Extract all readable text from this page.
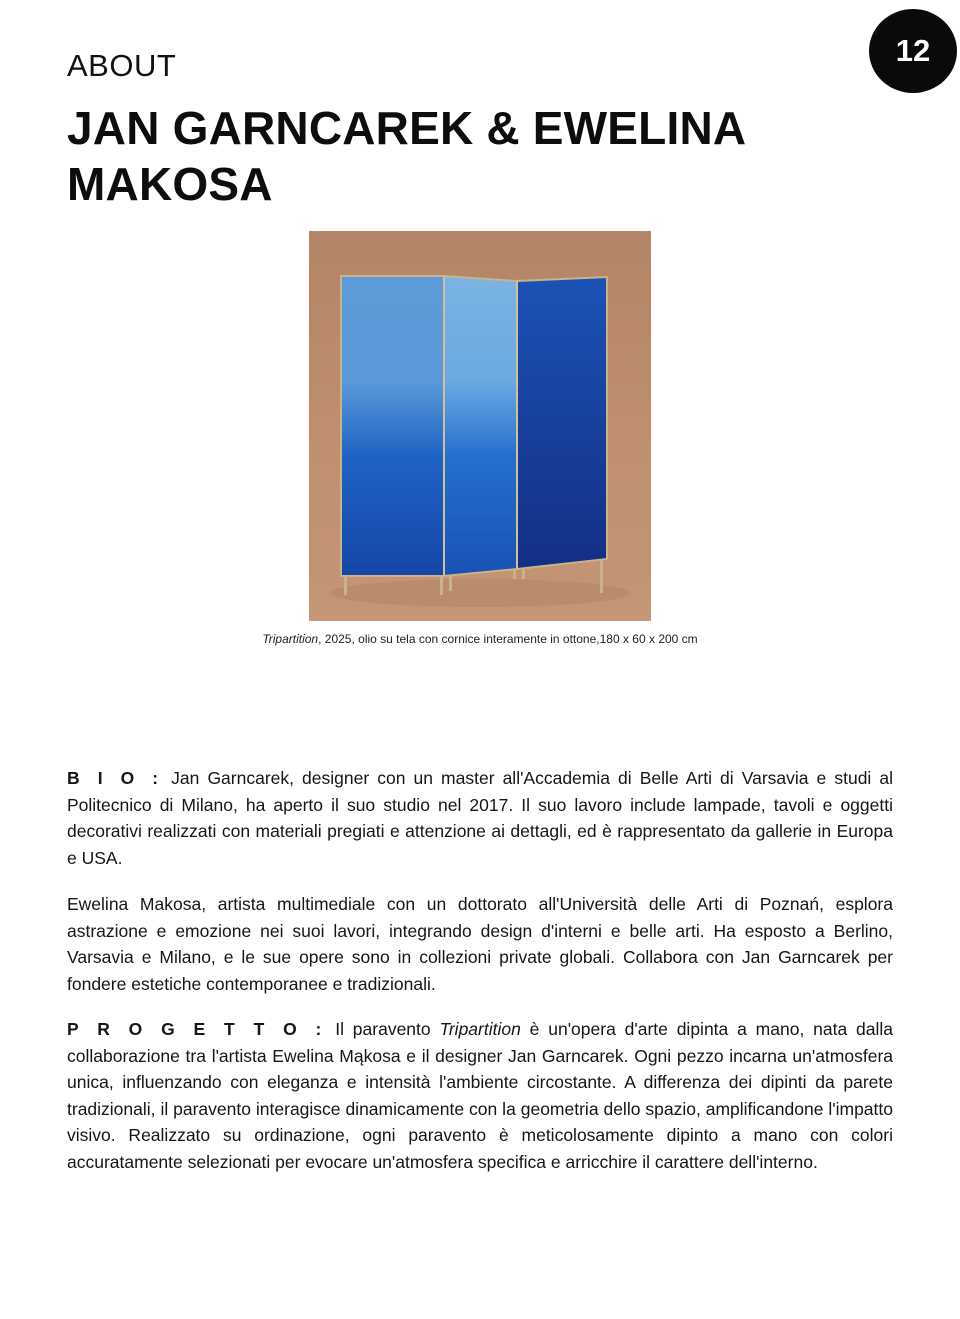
12
ABOUT
JAN GARNCAREK & EWELINA MAKOSA

Tripartition, 2025, olio su tela con cornice interamente in ottone,180 x 60 x 200 cm

B I O : Jan Garncarek, designer con un master all'Accademia di Belle Arti di Varsavia e studi al Politecnico di Milano, ha aperto il suo studio nel 2017. Il suo lavoro include lampade, tavoli e oggetti decorativi realizzati con materiali pregiati e attenzione ai dettagli, ed è rappresentato da gallerie in Europa e USA.

Ewelina Makosa, artista multimediale con un dottorato all'Università delle Arti di Poznań, esplora astrazione e emozione nei suoi lavori, integrando design d'interni e belle arti. Ha esposto a Berlino, Varsavia e Milano, e le sue opere sono in collezioni private globali. Collabora con Jan Garncarek per fondere estetiche contemporanee e tradizionali.

P R O G E T T O : Il paravento Tripartition è un'opera d'arte dipinta a mano, nata dalla collaborazione tra l'artista Ewelina Mąkosa e il designer Jan Garncarek. Ogni pezzo incarna un'atmosfera unica, influenzando con eleganza e intensità l'ambiente circostante. A differenza dei dipinti da parete tradizionali, il paravento interagisce dinamicamente con la geometria dello spazio, amplificandone l'impatto visivo. Realizzato su ordinazione, ogni paravento è meticolosamente dipinto a mano con colori accuratamente selezionati per evocare un'atmosfera specifica e arricchire il carattere dell'interno.
